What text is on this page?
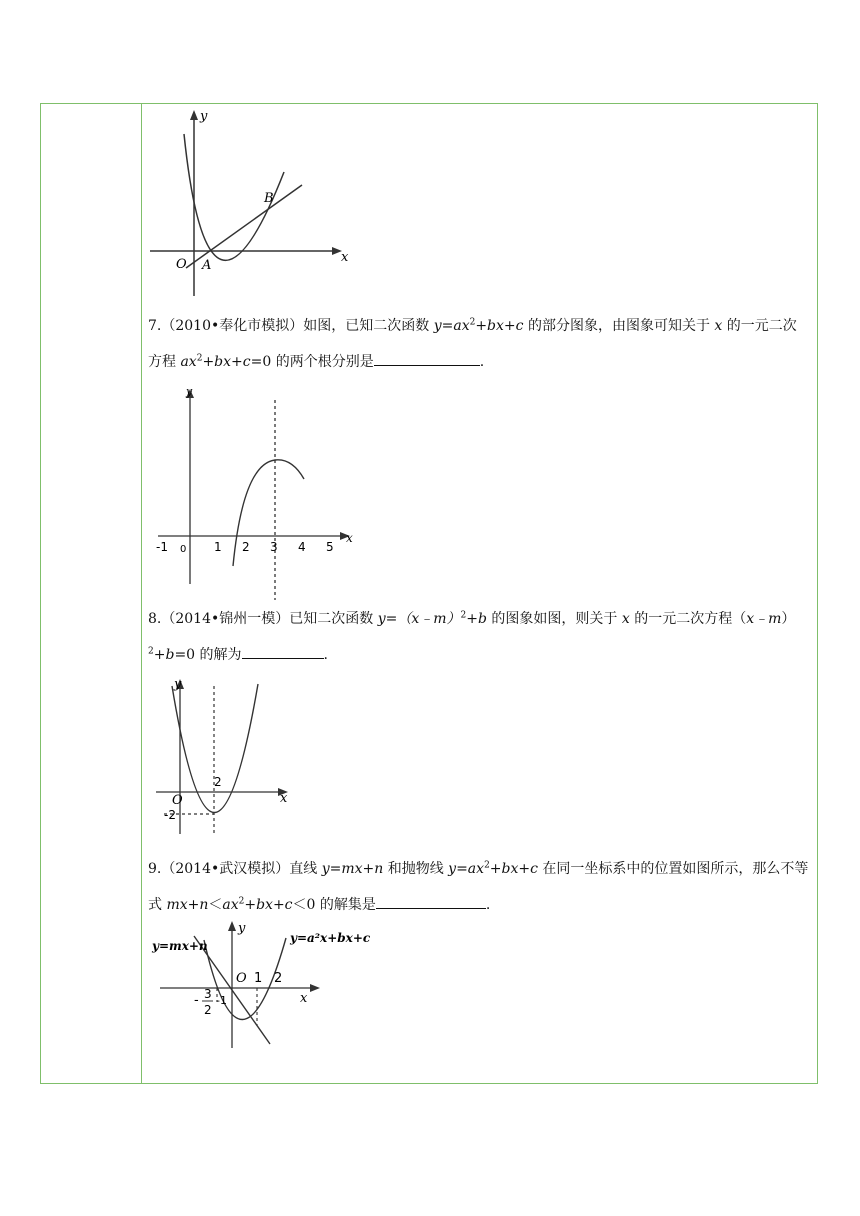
y
x
O A
B
7.（2010•奉化市模拟）如图，已知二次函数 $y=ax^2+bx+c$ 的部分图象，由图象可知关于 x 的一元二次
方程 $ax^2+bx+c=0$ 的两个根分别是	.
y
x
-1 0 1 2 3 4 5
8.（2014•锦州一模）已知二次函数 y=（x﹣m）$^2$+b 的图象如图，则关于 x 的一元二次方程（x﹣m）
$^2$+b=0 的解为	.
y
x
O
2
-2
9.（2014•武汉模拟）直线 y=mx+n 和抛物线 $y=ax^2+bx+c$ 在同一坐标系中的位置如图所示，那么不等
式 $mx+n<ax^2+bx+c<0$ 的解集是	.
y=mx+n
y=a²x+bx+c
y
x
O 1 2
-1
- 3
2
